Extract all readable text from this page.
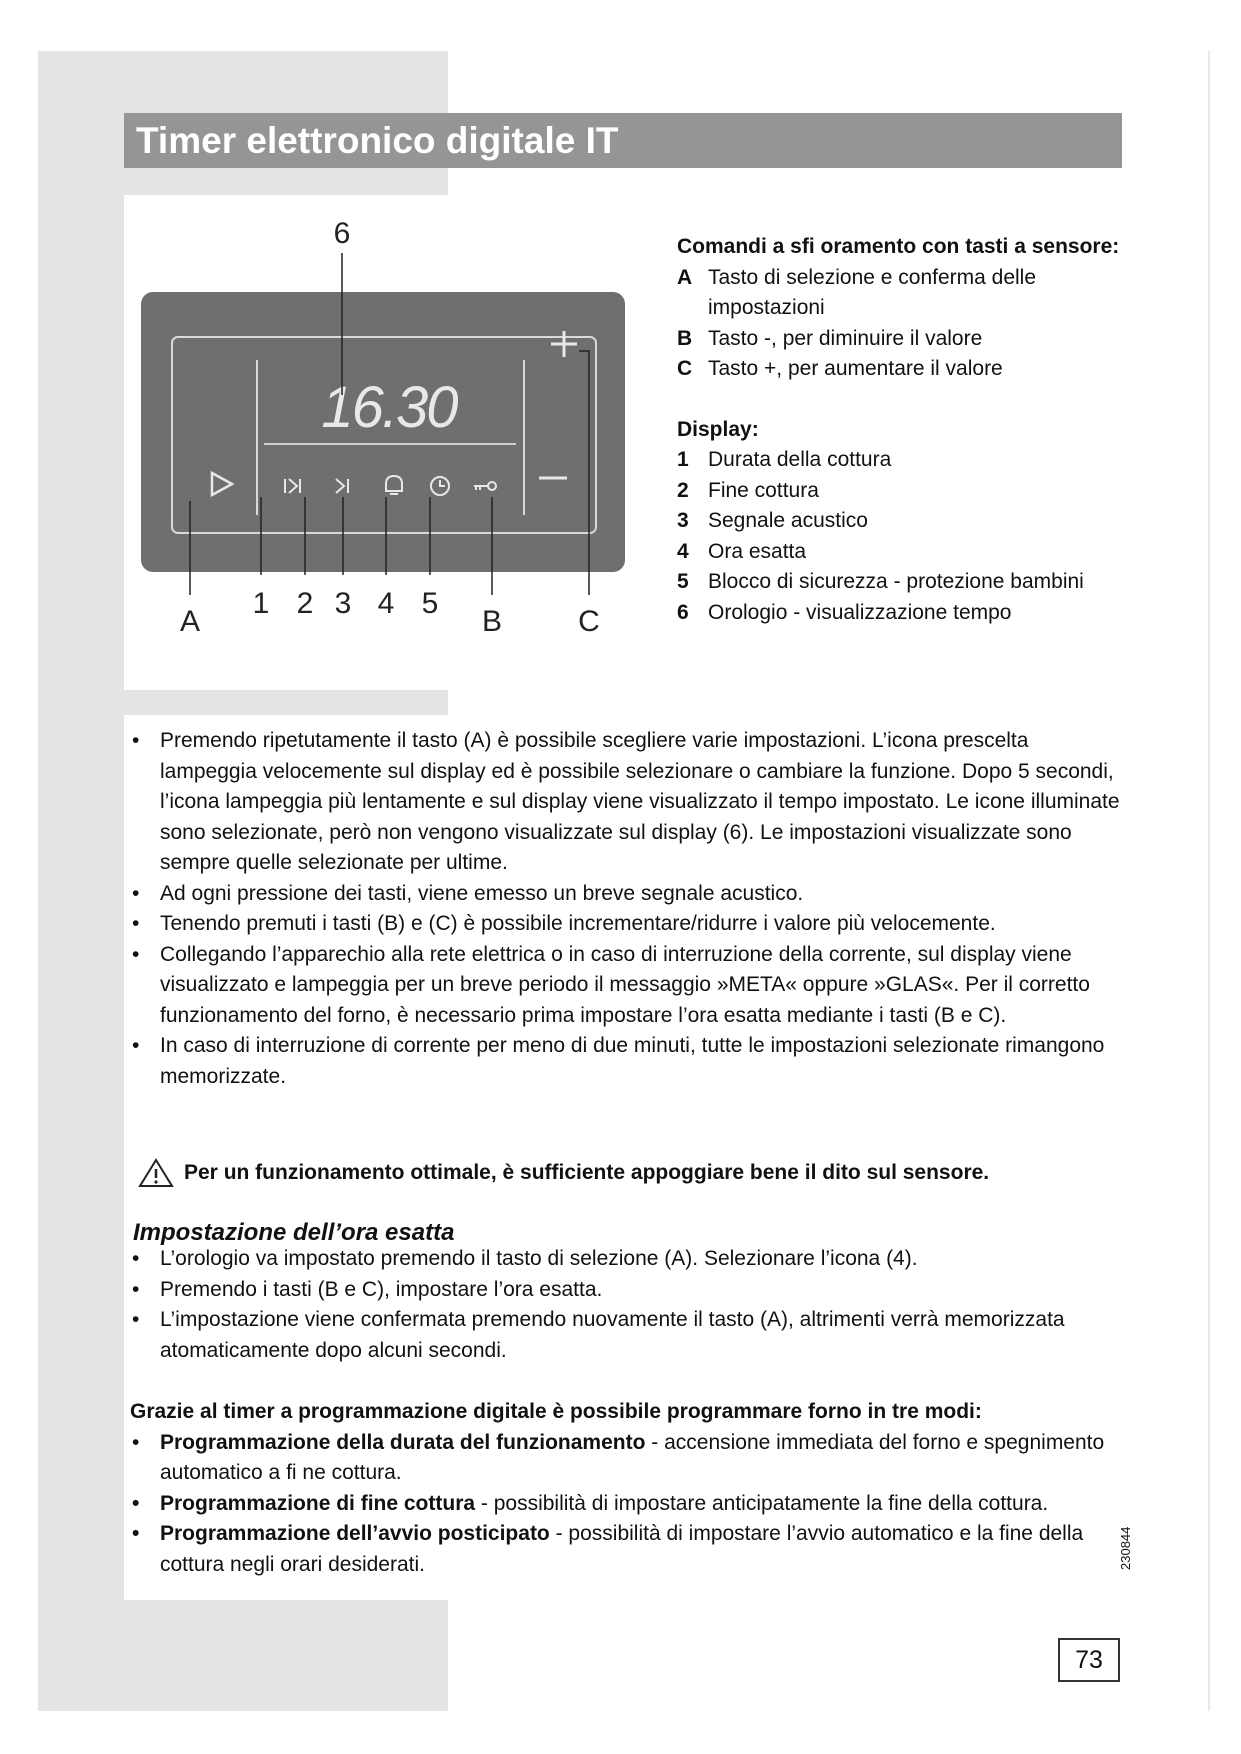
Timer elettronico digitale IT
16.30
6
A
1 2 3 4 5
B	C
Comandi a sfi oramento con tasti a sensore:
A Tasto di selezione e conferma delle impostazioni
B Tasto -, per diminuire il valore
C Tasto +, per aumentare il valore
Display:
1 Durata della cottura
2 Fine cottura
3 Segnale acustico
4 Ora esatta
5 Blocco di sicurezza - protezione bambini
6 Orologio - visualizzazione tempo
• Premendo ripetutamente il tasto (A) è possibile scegliere varie impostazioni. L’icona prescelta lampeggia velocemente sul display ed è possibile selezionare o cambiare la funzione. Dopo 5 secondi, l’icona lampeggia più lentamente e sul display viene visualizzato il tempo impostato. Le icone illuminate sono selezionate, però non vengono visualizzate sul display (6). Le impostazioni visualizzate sono sempre quelle selezionate per ultime.
• Ad ogni pressione dei tasti, viene emesso un breve segnale acustico.
• Tenendo premuti i tasti (B) e (C) è possibile incrementare/ridurre i valore più velocemente.
• Collegando l’apparechio alla rete elettrica o in caso di interruzione della corrente, sul display viene visualizzato e lampeggia per un breve periodo il messaggio »META« oppure »GLAS«. Per il corretto funzionamento del forno, è necessario prima impostare l’ora esatta mediante i tasti (B e C).
• In caso di interruzione di corrente per meno di due minuti, tutte le impostazioni selezionate rimangono memorizzate.
Per un funzionamento ottimale, è sufficiente appoggiare bene il dito sul sensore.
Impostazione dell’ora esatta
• L’orologio va impostato premendo il tasto di selezione (A). Selezionare l’icona (4).
• Premendo i tasti (B e C), impostare l’ora esatta.
• L’impostazione viene confermata premendo nuovamente il tasto (A), altrimenti verrà memorizzata atomaticamente dopo alcuni secondi.
Grazie al timer a programmazione digitale è possibile programmare forno in tre modi:
• Programmazione della durata del funzionamento - accensione immediata del forno e spegnimento automatico a fi ne cottura.
• Programmazione di fine cottura - possibilità di impostare anticipatamente la fine della cottura.
• Programmazione dell’avvio posticipato - possibilità di impostare l’avvio automatico e la fine della cottura negli orari desiderati.	230844
73
